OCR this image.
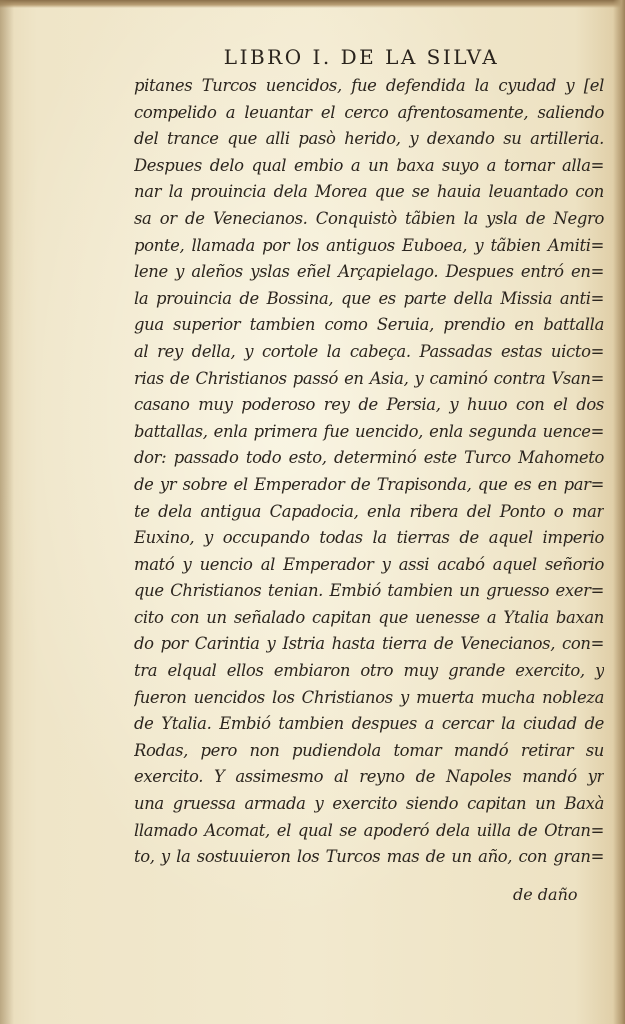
LIBRO I. DE LA SILVA
pitanes Turcos uencidos, fue defendida la cyudad y [el
compelido a leuantar el cerco afrentosamente, saliendo
del trance que alli pasò herido, y dexando su artilleria.
Despues delo qual embio a un baxa suyo a tornar alla=
nar la prouincia dela Morea que se hauia leuantado con
sa or de Venecianos. Conquistò tãbien la ysla de Negro
ponte, llamada por los antiguos Euboea, y tãbien Amiti=
lene y aleños yslas eñel Arçapielago. Despues entró en=
la prouincia de Bossina, que es parte della Missia anti=
gua superior tambien como Seruia, prendio en battalla
al rey della, y cortole la cabeça. Passadas estas uicto=
rias de Christianos passó en Asia, y caminó contra Vsan=
casano muy poderoso rey de Persia, y huuo con el dos
battallas, enla primera fue uencido, enla segunda uence=
dor: passado todo esto, determinó este Turco Mahometo
de yr sobre el Emperador de Trapisonda, que es en par=
te dela antigua Capadocia, enla ribera del Ponto o mar
Euxino, y occupando todas la tierras de aquel imperio
mató y uencio al Emperador y assi acabó aquel señorio
que Christianos tenian. Embió tambien un gruesso exer=
cito con un señalado capitan que uenesse a Ytalia baxan
do por Carintia y Istria hasta tierra de Venecianos, con=
tra elqual ellos embiaron otro muy grande exercito, y
fueron uencidos los Christianos y muerta mucha nobleza
de Ytalia. Embió tambien despues a cercar la ciudad de
Rodas, pero non pudiendola tomar mandó retirar su
exercito. Y assimesmo al reyno de Napoles mandó yr
una gruessa armada y exercito siendo capitan un Baxà
llamado Acomat, el qual se apoderó dela uilla de Otran=
to, y la sostuuieron los Turcos mas de un año, con gran=
de daño
